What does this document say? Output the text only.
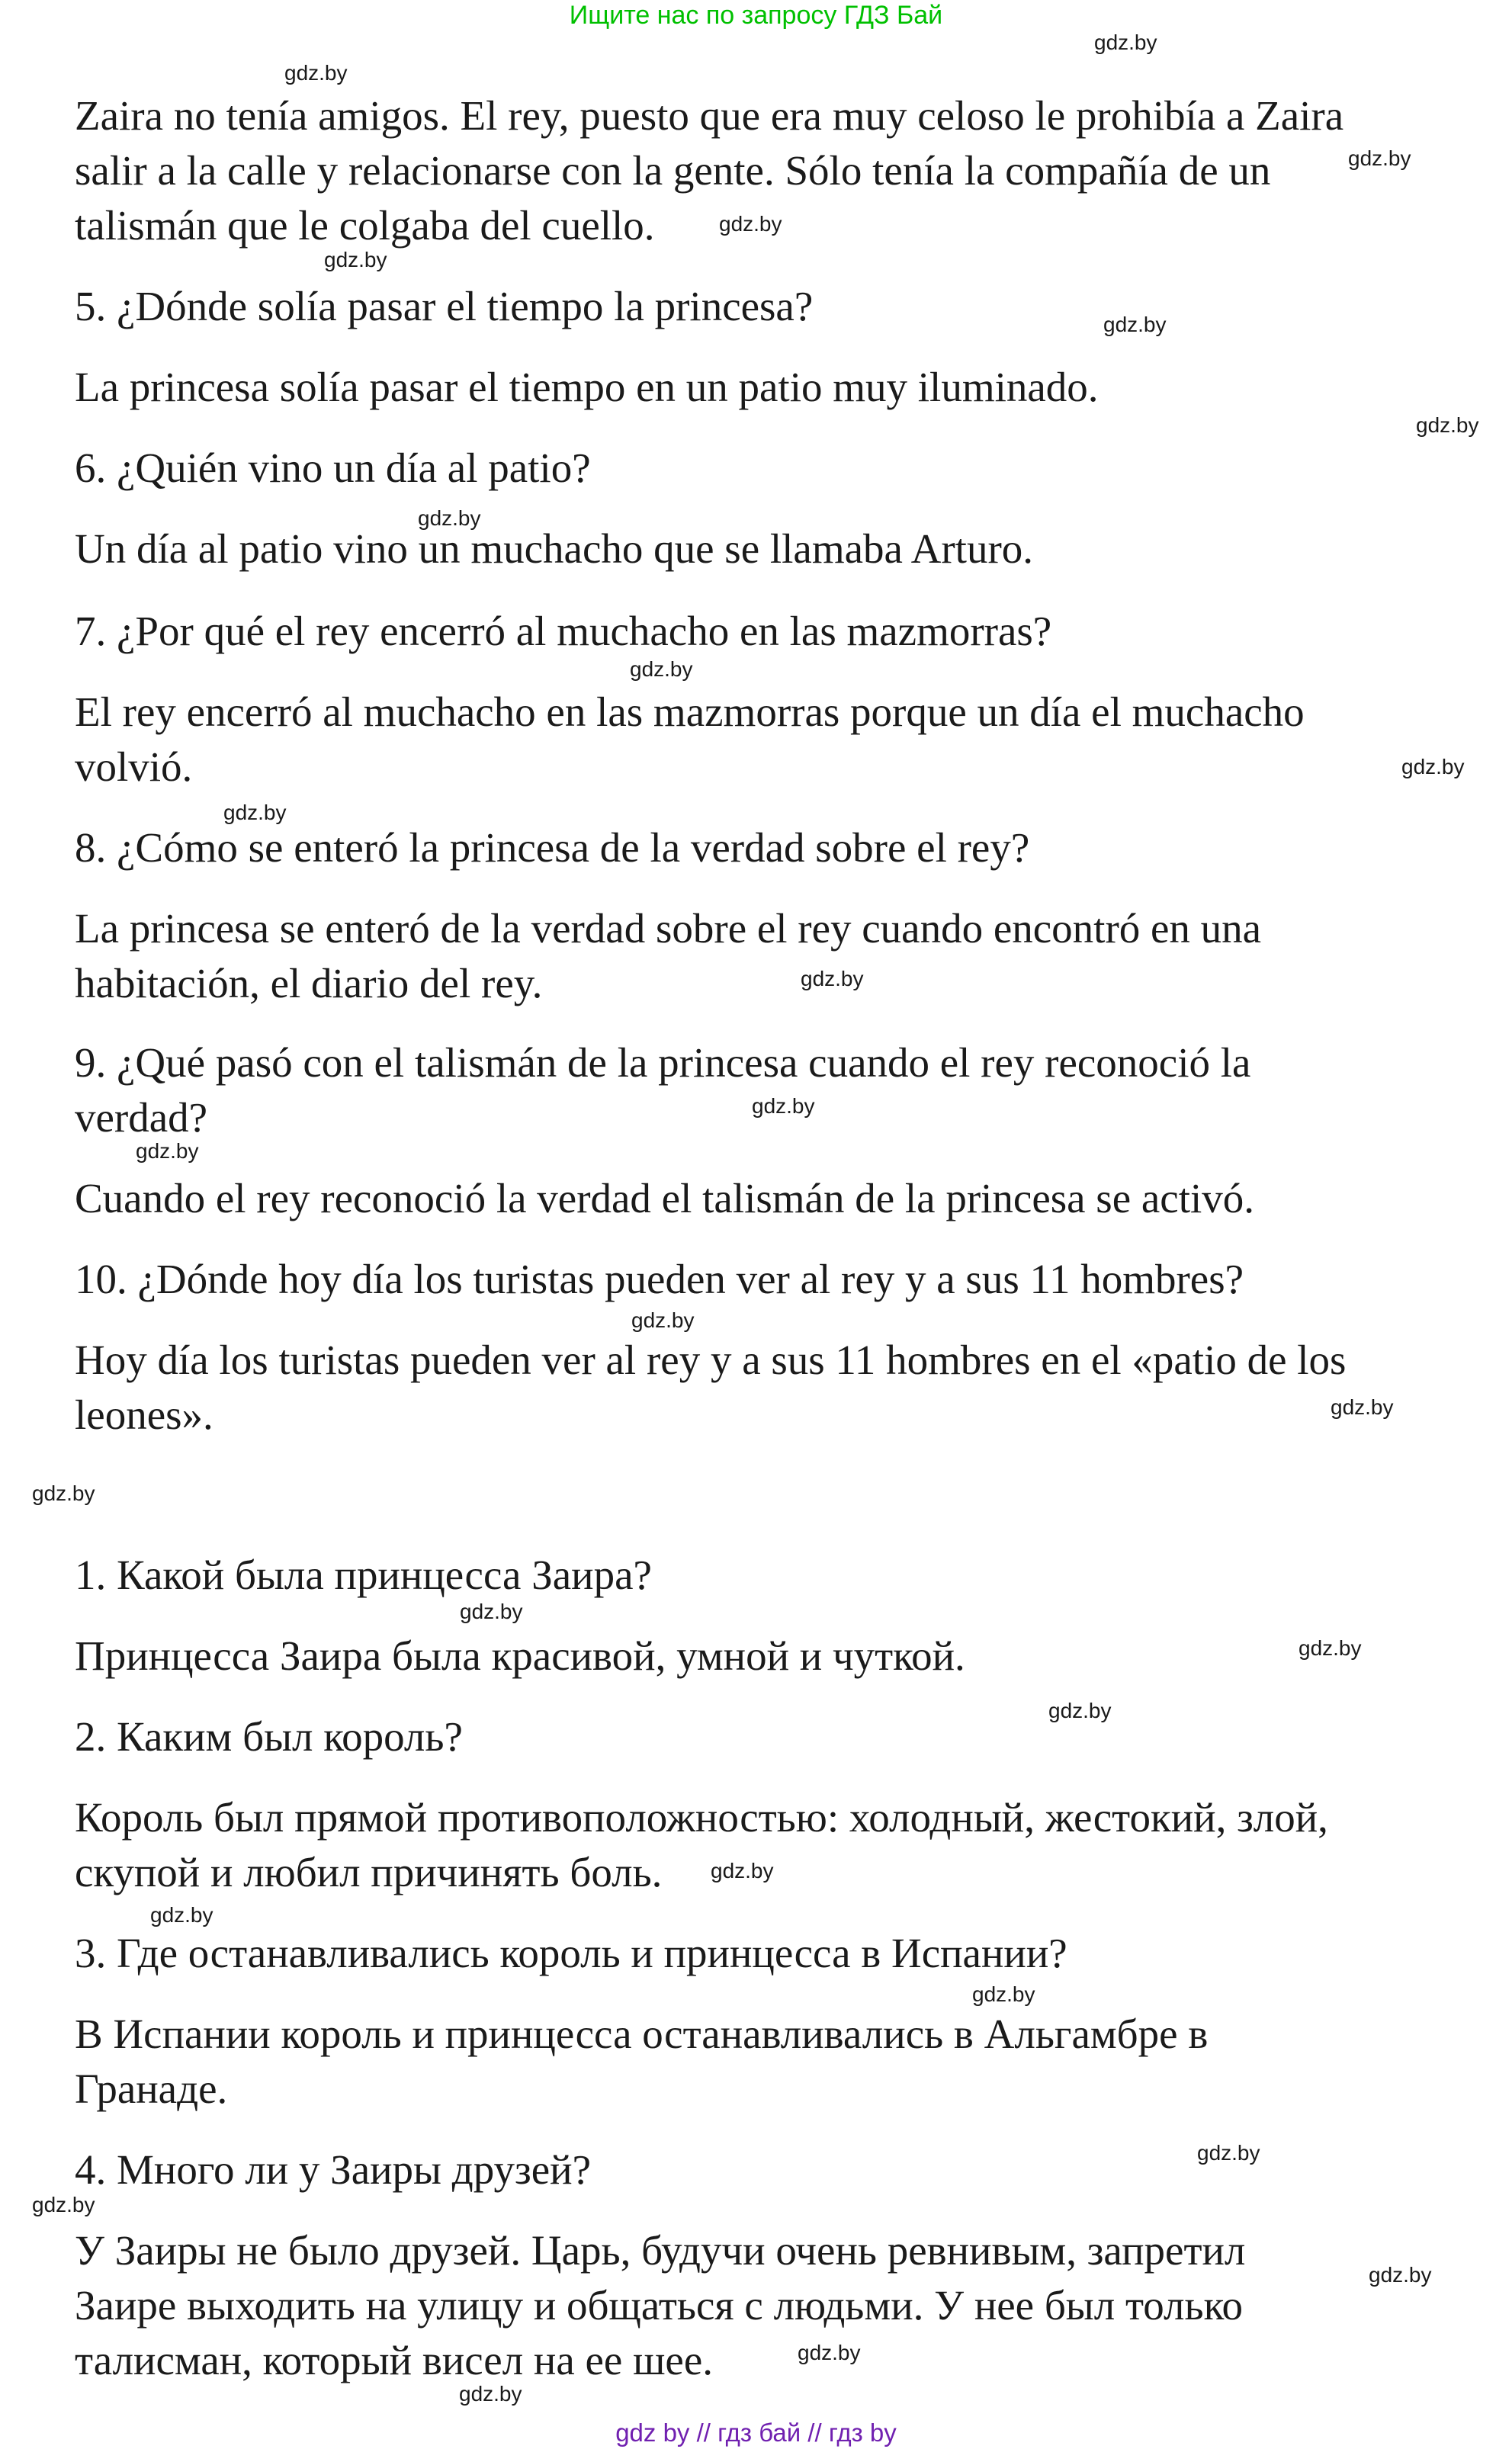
Ищите нас по запросу ГДЗ Бай
Zaira no tenía amigos. El rey, puesto que era muy celoso le prohibía a Zaira
salir a la calle y relacionarse con la gente. Sólo tenía la compañía de un
talismán que le colgaba del cuello.
5. ¿Dónde solía pasar el tiempo la princesa?
La princesa solía pasar el tiempo en un patio muy iluminado.
6. ¿Quién vino un día al patio?
Un día al patio vino un muchacho que se llamaba Arturo.
7. ¿Por qué el rey encerró al muchacho en las mazmorras?
El rey encerró al muchacho en las mazmorras porque un día el muchacho
volvió.
8. ¿Cómo se enteró la princesa de la verdad sobre el rey?
La princesa se enteró de la verdad sobre el rey cuando encontró en una
habitación, el diario del rey.
9. ¿Qué pasó con el talismán de la princesa cuando el rey reconoció la
verdad?
Cuando el rey reconoció la verdad el talismán de la princesa se activó.
10. ¿Dónde hoy día los turistas pueden ver al rey y a sus 11 hombres?
Hoy día los turistas pueden ver al rey y a sus 11 hombres en el «patio de los
leones».
1. Какой была принцесса Заира?
Принцесса Заира была красивой, умной и чуткой.
2. Каким был король?
Король был прямой противоположностью: холодный, жестокий, злой,
скупой и любил причинять боль.
3. Где останавливались король и принцесса в Испании?
В Испании король и принцесса останавливались в Альгамбре в
Гранаде.
4. Много ли у Заиры друзей?
У Заиры не было друзей. Царь, будучи очень ревнивым, запретил
Заире выходить на улицу и общаться с людьми. У нее был только
талисман, который висел на ее шее.
gdz.by
gdz.by
gdz.by
gdz.by
gdz.by
gdz.by
gdz.by
gdz.by
gdz.by
gdz.by
gdz.by
gdz.by
gdz.by
gdz.by
gdz.by
gdz.by
gdz.by
gdz.by
gdz.by
gdz.by
gdz.by
gdz.by
gdz.by
gdz.by
gdz.by
gdz.by
gdz.by
gdz.by
gdz by // гдз бай // гдз by
